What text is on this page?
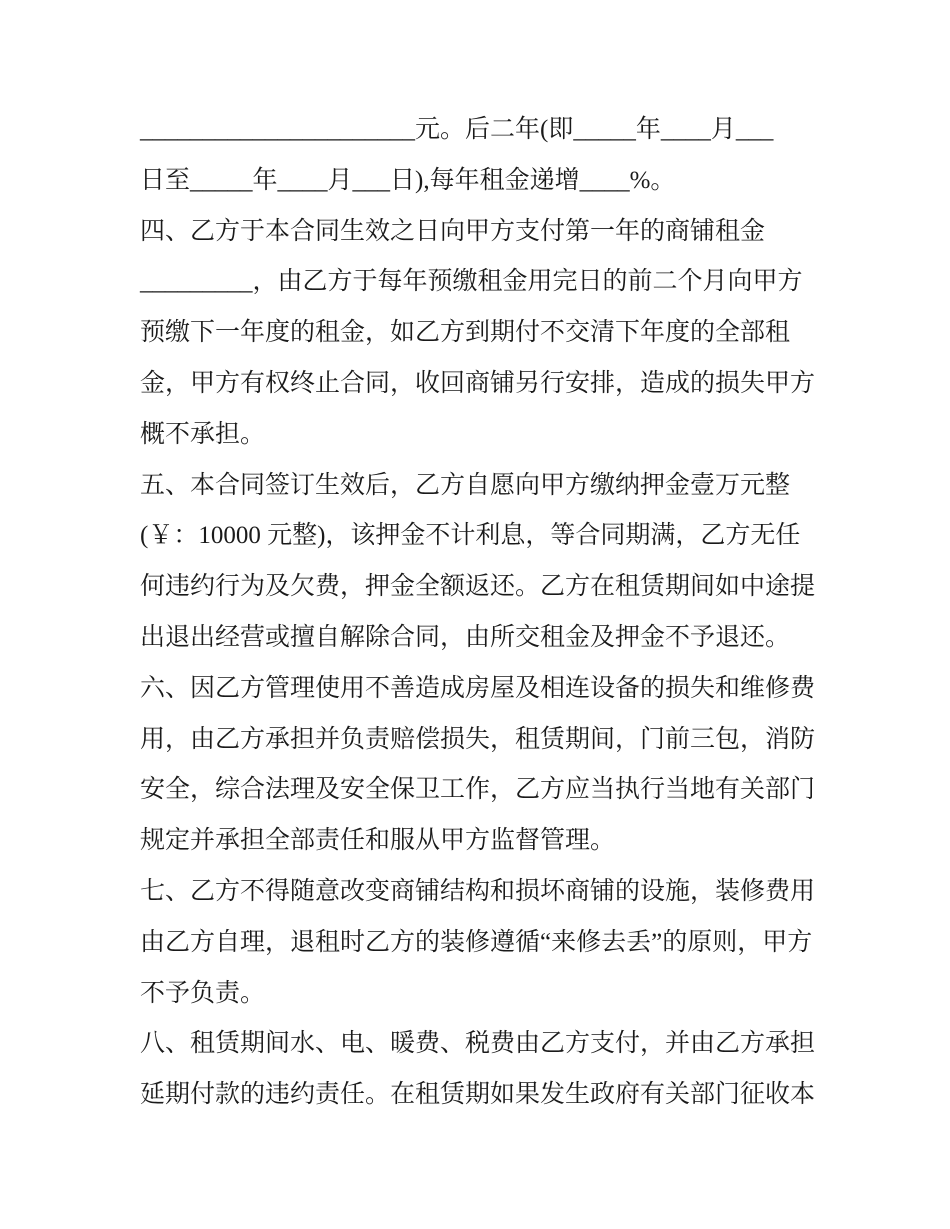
______________________元。后二年(即_____年____月___
日至_____年____月___日),每年租金递增____%。
四、乙方于本合同生效之日向甲方支付第一年的商铺租金
_________，由乙方于每年预缴租金用完日的前二个月向甲方
预缴下一年度的租金，如乙方到期付不交清下年度的全部租
金，甲方有权终止合同，收回商铺另行安排，造成的损失甲方
概不承担。
五、本合同签订生效后，乙方自愿向甲方缴纳押金壹万元整
(￥：10000 元整)，该押金不计利息，等合同期满，乙方无任
何违约行为及欠费，押金全额返还。乙方在租赁期间如中途提
出退出经营或擅自解除合同，由所交租金及押金不予退还。
六、因乙方管理使用不善造成房屋及相连设备的损失和维修费
用，由乙方承担并负责赔偿损失，租赁期间，门前三包，消防
安全，综合法理及安全保卫工作，乙方应当执行当地有关部门
规定并承担全部责任和服从甲方监督管理。
七、乙方不得随意改变商铺结构和损坏商铺的设施，装修费用
由乙方自理，退租时乙方的装修遵循“来修去丢”的原则，甲方
不予负责。
八、租赁期间水、电、暖费、税费由乙方支付，并由乙方承担
延期付款的违约责任。在租赁期如果发生政府有关部门征收本
